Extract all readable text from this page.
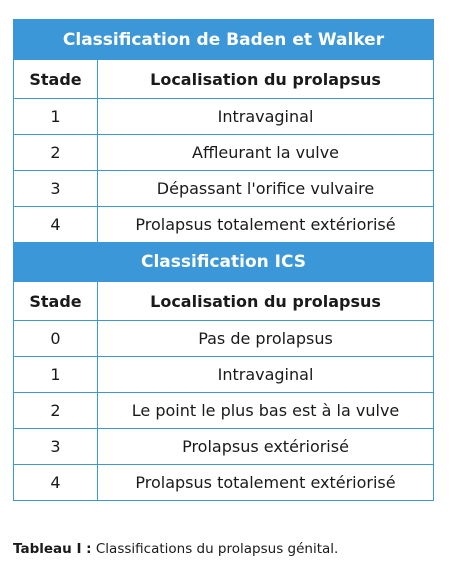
Classification de Baden et Walker	
Stade	Localisation du prolapsus
1	Intravaginal
2	Affleurant la vulve
3	Dépassant l'orifice vulvaire
4	Prolapsus totalement extériorisé
Classification ICS	
Stade	Localisation du prolapsus
0	Pas de prolapsus
1	Intravaginal
2	Le point le plus bas est à la vulve
3	Prolapsus extériorisé
4	Prolapsus totalement extériorisé
Tableau I : Classifications du prolapsus génital.
